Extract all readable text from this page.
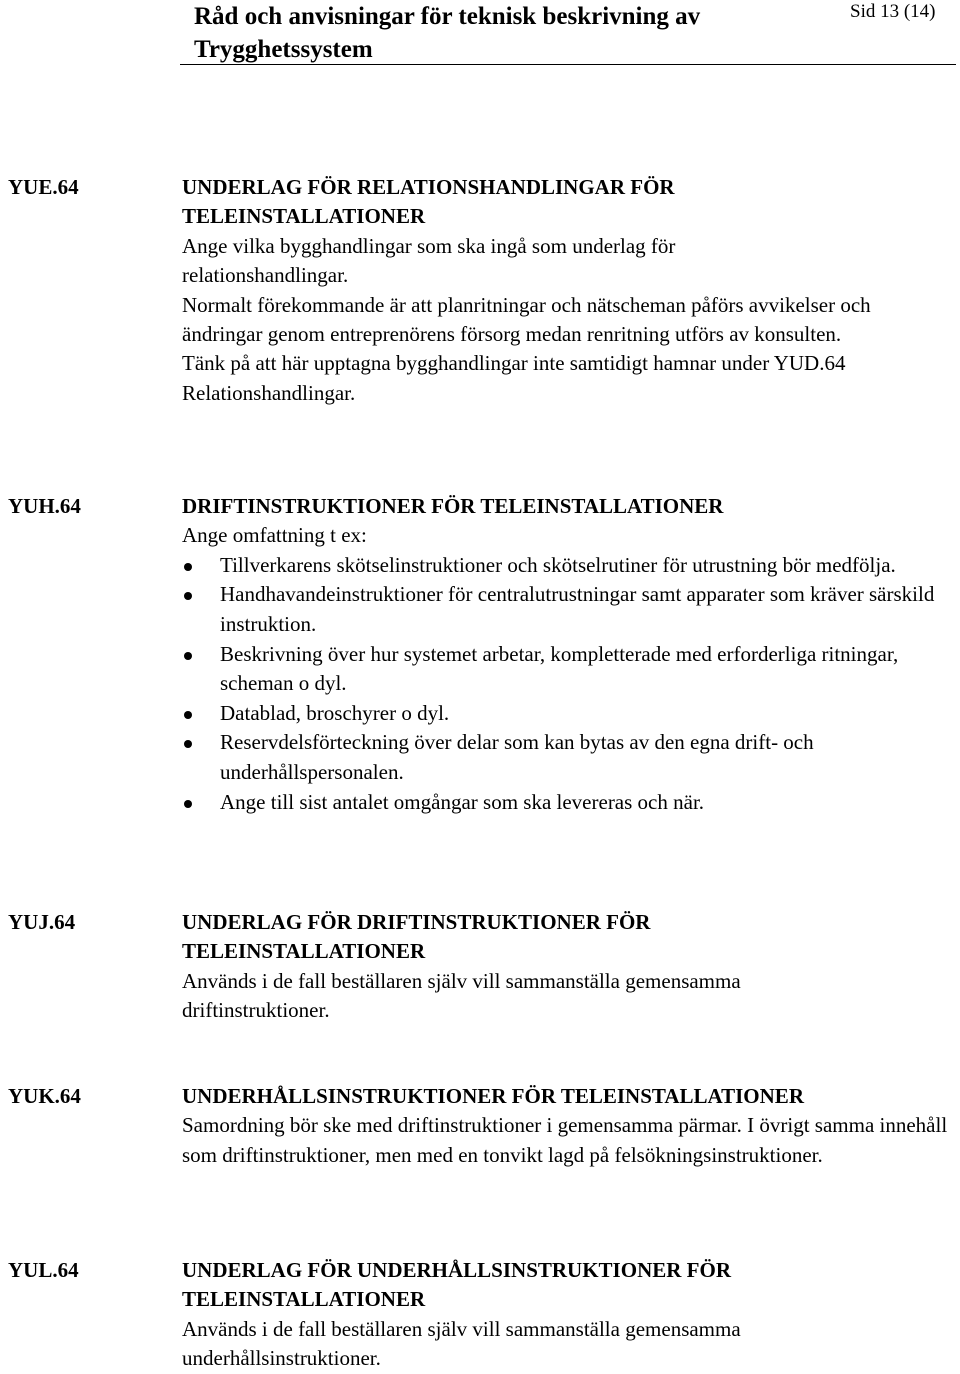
Råd och anvisningar för teknisk beskrivning av Trygghetssystem
Sid 13 (14)
YUE.64	UNDERLAG FÖR RELATIONSHANDLINGAR FÖR TELEINSTALLATIONER

Ange vilka bygghandlingar som ska ingå som underlag för relationshandlingar.

Normalt förekommande är att planritningar och nätscheman påförs avvikelser och ändringar genom entreprenörens försorg medan renritning utförs av konsulten.

Tänk på att här upptagna bygghandlingar inte samtidigt hamnar under YUD.64 Relationshandlingar.

YUH.64	DRIFTINSTRUKTIONER FÖR TELEINSTALLATIONER

Ange omfattning t ex:

Tillverkarens skötselinstruktioner och skötselrutiner för utrustning bör medfölja.
Handhavandeinstruktioner för centralutrustningar samt apparater som kräver särskild instruktion.
Beskrivning över hur systemet arbetar, kompletterade med erforderliga ritningar, scheman o dyl.
Datablad, broschyrer o dyl.
Reservdelsförteckning över delar som kan bytas av den egna drift- och underhållspersonalen.
Ange till sist antalet omgångar som ska levereras och när.
YUJ.64	UNDERLAG FÖR DRIFTINSTRUKTIONER FÖR TELEINSTALLATIONER

Används i de fall beställaren själv vill sammanställa gemensamma driftinstruktioner.

YUK.64	UNDERHÅLLSINSTRUKTIONER FÖR TELEINSTALLATIONER

Samordning bör ske med driftinstruktioner i gemensamma pärmar. I övrigt samma innehåll som driftinstruktioner, men med en tonvikt lagd på felsökningsinstruktioner.

YUL.64	UNDERLAG FÖR UNDERHÅLLSINSTRUKTIONER FÖR TELEINSTALLATIONER

Används i de fall beställaren själv vill sammanställa gemensamma underhållsinstruktioner.
